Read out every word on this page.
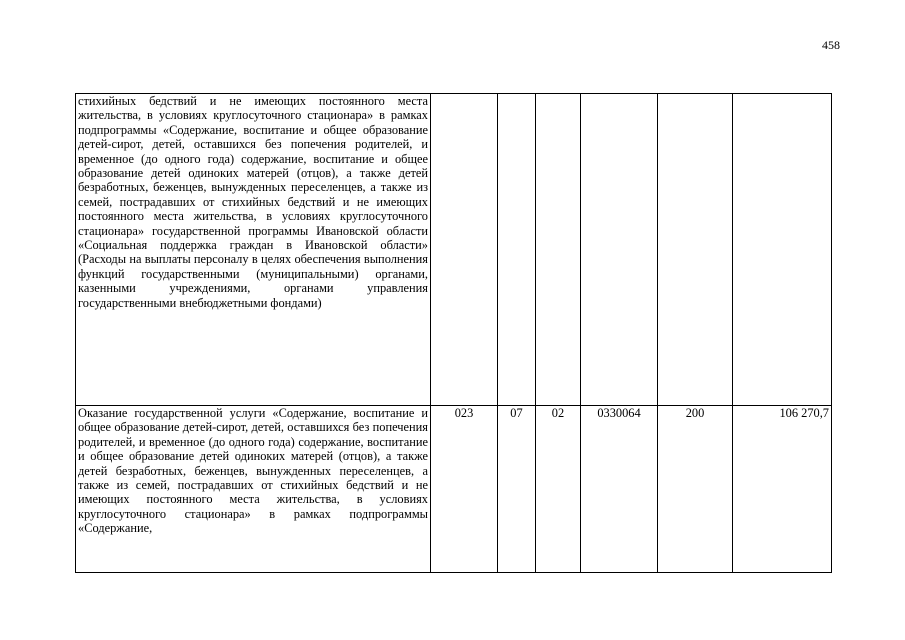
458
стихийных бедствий и не имеющих постоянного места жительства, в условиях круглосуточного стационара» в рамках подпрограммы «Содержание, воспитание и общее образование детей-сирот, детей, оставшихся без попечения родителей, и временное (до одного года) содержание, воспитание и общее образование детей одиноких матерей (отцов), а также детей безработных, беженцев, вынужденных переселенцев, а также из семей, пострадавших от стихийных бедствий и не имеющих постоянного места жительства, в условиях круглосуточного стационара» государственной программы Ивановской области «Социальная поддержка граждан в Ивановской области» (Расходы на выплаты персоналу в целях обеспечения выполнения функций государственными (муниципальными) органами, казенными учреждениями, органами управления государственными внебюджетными фондами)						
Оказание государственной услуги «Содержание, воспитание и общее образование детей-сирот, детей, оставшихся без попечения родителей, и временное (до одного года) содержание, воспитание и общее образование детей одиноких матерей (отцов), а также детей безработных, беженцев, вынужденных переселенцев, а также из семей, пострадавших от стихийных бедствий и не имеющих постоянного места жительства, в условиях круглосуточного стационара» в рамках подпрограммы «Содержание,	023	07	02	0330064	200	106 270,7
